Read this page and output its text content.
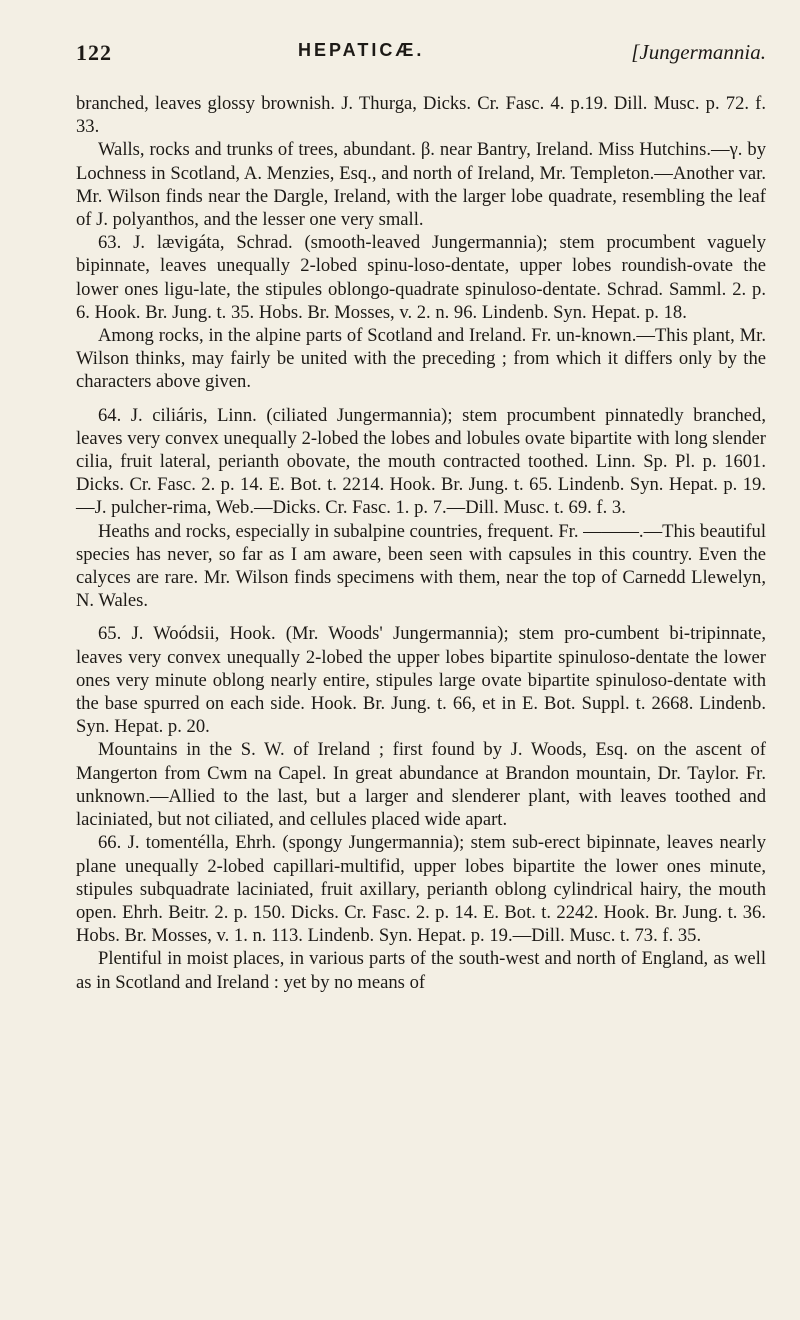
122	HEPATICÆ.	[Jungermannia.

branched, leaves glossy brownish. J. Thurga, Dicks. Cr. Fasc. 4. p.19. Dill. Musc. p. 72. f. 33.

Walls, rocks and trunks of trees, abundant. β. near Bantry, Ireland. Miss Hutchins.—γ. by Lochness in Scotland, A. Menzies, Esq., and north of Ireland, Mr. Templeton.—Another var. Mr. Wilson finds near the Dargle, Ireland, with the larger lobe quadrate, resembling the leaf of J. polyanthos, and the lesser one very small.

63. J. lævigáta, Schrad. (smooth-leaved Jungermannia); stem procumbent vaguely bipinnate, leaves unequally 2-lobed spinu-loso-dentate, upper lobes roundish-ovate the lower ones ligu-late, the stipules oblongo-quadrate spinuloso-dentate. Schrad. Samml. 2. p. 6. Hook. Br. Jung. t. 35. Hobs. Br. Mosses, v. 2. n. 96. Lindenb. Syn. Hepat. p. 18.

Among rocks, in the alpine parts of Scotland and Ireland. Fr. un-known.—This plant, Mr. Wilson thinks, may fairly be united with the preceding ; from which it differs only by the characters above given.

64. J. ciliáris, Linn. (ciliated Jungermannia); stem procumbent pinnatedly branched, leaves very convex unequally 2-lobed the lobes and lobules ovate bipartite with long slender cilia, fruit lateral, perianth obovate, the mouth contracted toothed. Linn. Sp. Pl. p. 1601. Dicks. Cr. Fasc. 2. p. 14. E. Bot. t. 2214. Hook. Br. Jung. t. 65. Lindenb. Syn. Hepat. p. 19.—J. pulcher-rima, Web.—Dicks. Cr. Fasc. 1. p. 7.—Dill. Musc. t. 69. f. 3.

Heaths and rocks, especially in subalpine countries, frequent. Fr. ———.—This beautiful species has never, so far as I am aware, been seen with capsules in this country. Even the calyces are rare. Mr. Wilson finds specimens with them, near the top of Carnedd Llewelyn, N. Wales.

65. J. Woódsii, Hook. (Mr. Woods' Jungermannia); stem pro-cumbent bi-tripinnate, leaves very convex unequally 2-lobed the upper lobes bipartite spinuloso-dentate the lower ones very minute oblong nearly entire, stipules large ovate bipartite spinuloso-dentate with the base spurred on each side. Hook. Br. Jung. t. 66, et in E. Bot. Suppl. t. 2668. Lindenb. Syn. Hepat. p. 20.

Mountains in the S. W. of Ireland ; first found by J. Woods, Esq. on the ascent of Mangerton from Cwm na Capel. In great abundance at Brandon mountain, Dr. Taylor. Fr. unknown.—Allied to the last, but a larger and slenderer plant, with leaves toothed and laciniated, but not ciliated, and cellules placed wide apart.

66. J. tomentélla, Ehrh. (spongy Jungermannia); stem sub-erect bipinnate, leaves nearly plane unequally 2-lobed capillari-multifid, upper lobes bipartite the lower ones minute, stipules subquadrate laciniated, fruit axillary, perianth oblong cylindrical hairy, the mouth open. Ehrh. Beitr. 2. p. 150. Dicks. Cr. Fasc. 2. p. 14. E. Bot. t. 2242. Hook. Br. Jung. t. 36. Hobs. Br. Mosses, v. 1. n. 113. Lindenb. Syn. Hepat. p. 19.—Dill. Musc. t. 73. f. 35.

Plentiful in moist places, in various parts of the south-west and north of England, as well as in Scotland and Ireland : yet by no means of
